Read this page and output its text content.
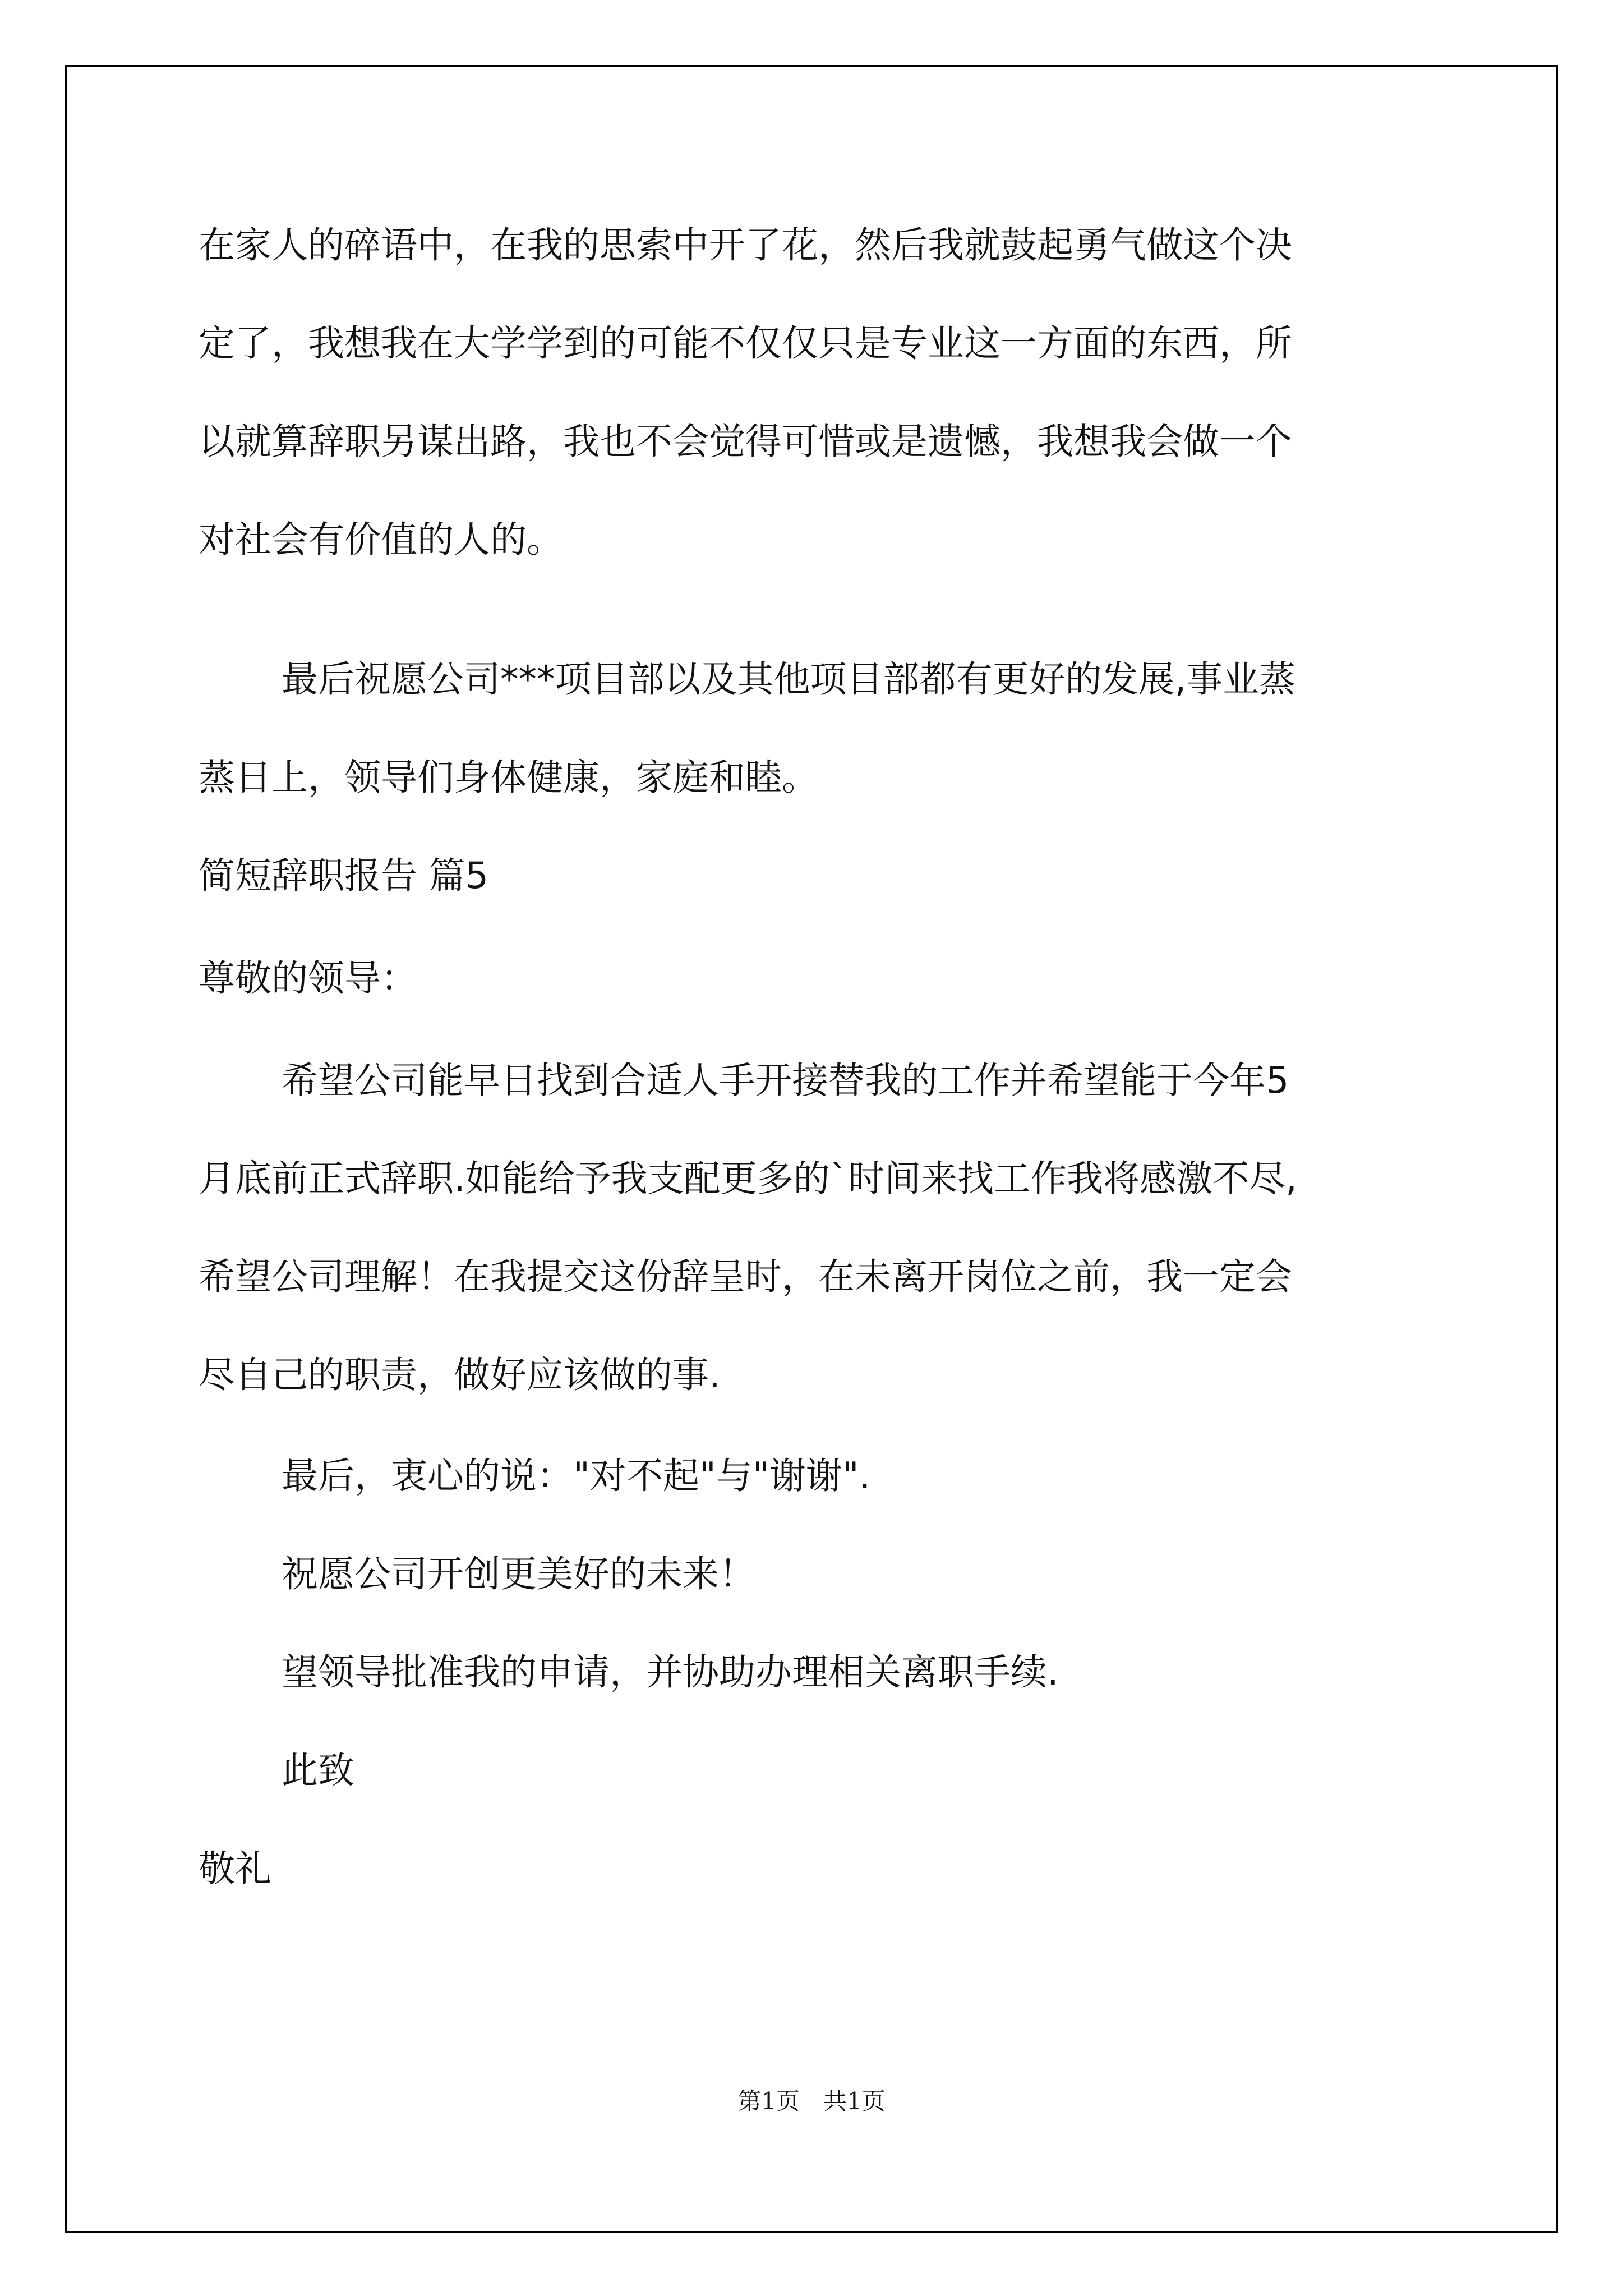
在家人的碎语中，在我的思索中开了花，然后我就鼓起勇气做这个决
定了，我想我在大学学到的可能不仅仅只是专业这一方面的东西，所
以就算辞职另谋出路，我也不会觉得可惜或是遗憾，我想我会做一个
对社会有价值的人的。
最后祝愿公司***项目部以及其他项目部都有更好的发展,事业蒸
蒸日上，领导们身体健康，家庭和睦。
简短辞职报告 篇5
尊敬的领导：
希望公司能早日找到合适人手开接替我的工作并希望能于今年5
月底前正式辞职.如能给予我支配更多的`时间来找工作我将感激不尽,
希望公司理解！在我提交这份辞呈时，在未离开岗位之前，我一定会
尽自己的职责，做好应该做的事.
最后，衷心的说："对不起"与"谢谢".
祝愿公司开创更美好的未来！
望领导批准我的申请，并协助办理相关离职手续.
此致
敬礼
第1页　共1页
